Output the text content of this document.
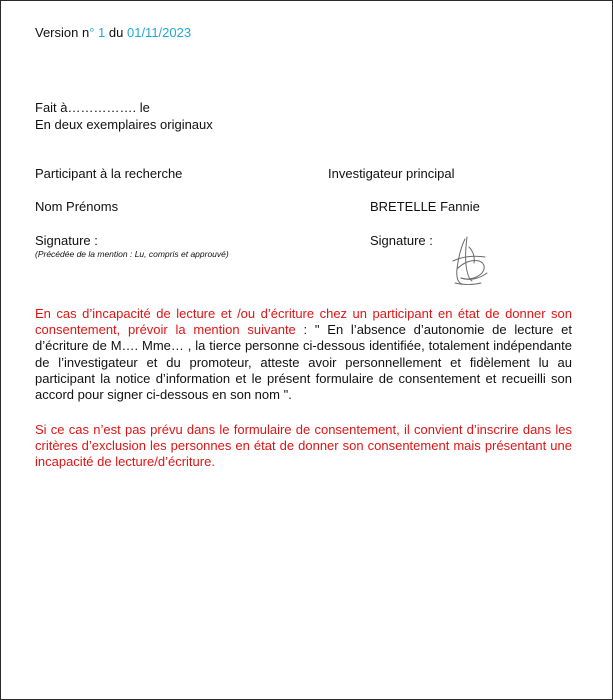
Version n° 1 du 01/11/2023
Fait à……………. le
En deux exemplaires originaux
Participant à la recherche
Nom Prénoms
Signature :
(Précédée de la mention : Lu, compris et approuvé)
Investigateur principal
BRETELLE Fannie
Signature :
En cas d’incapacité de lecture et /ou d’écriture chez un participant en état de donner son consentement, prévoir la mention suivante : " En l’absence d’autonomie de lecture et d’écriture de M…. Mme… , la tierce personne ci-dessous identifiée, totalement indépendante de l’investigateur et du promoteur, atteste avoir personnellement et fidèlement lu au participant la notice d’information et le présent formulaire de consentement et recueilli son accord pour signer ci-dessous en son nom ".
Si ce cas n’est pas prévu dans le formulaire de consentement, il convient d’inscrire dans les critères d’exclusion les personnes en état de donner son consentement mais présentant une incapacité de lecture/d’écriture.
